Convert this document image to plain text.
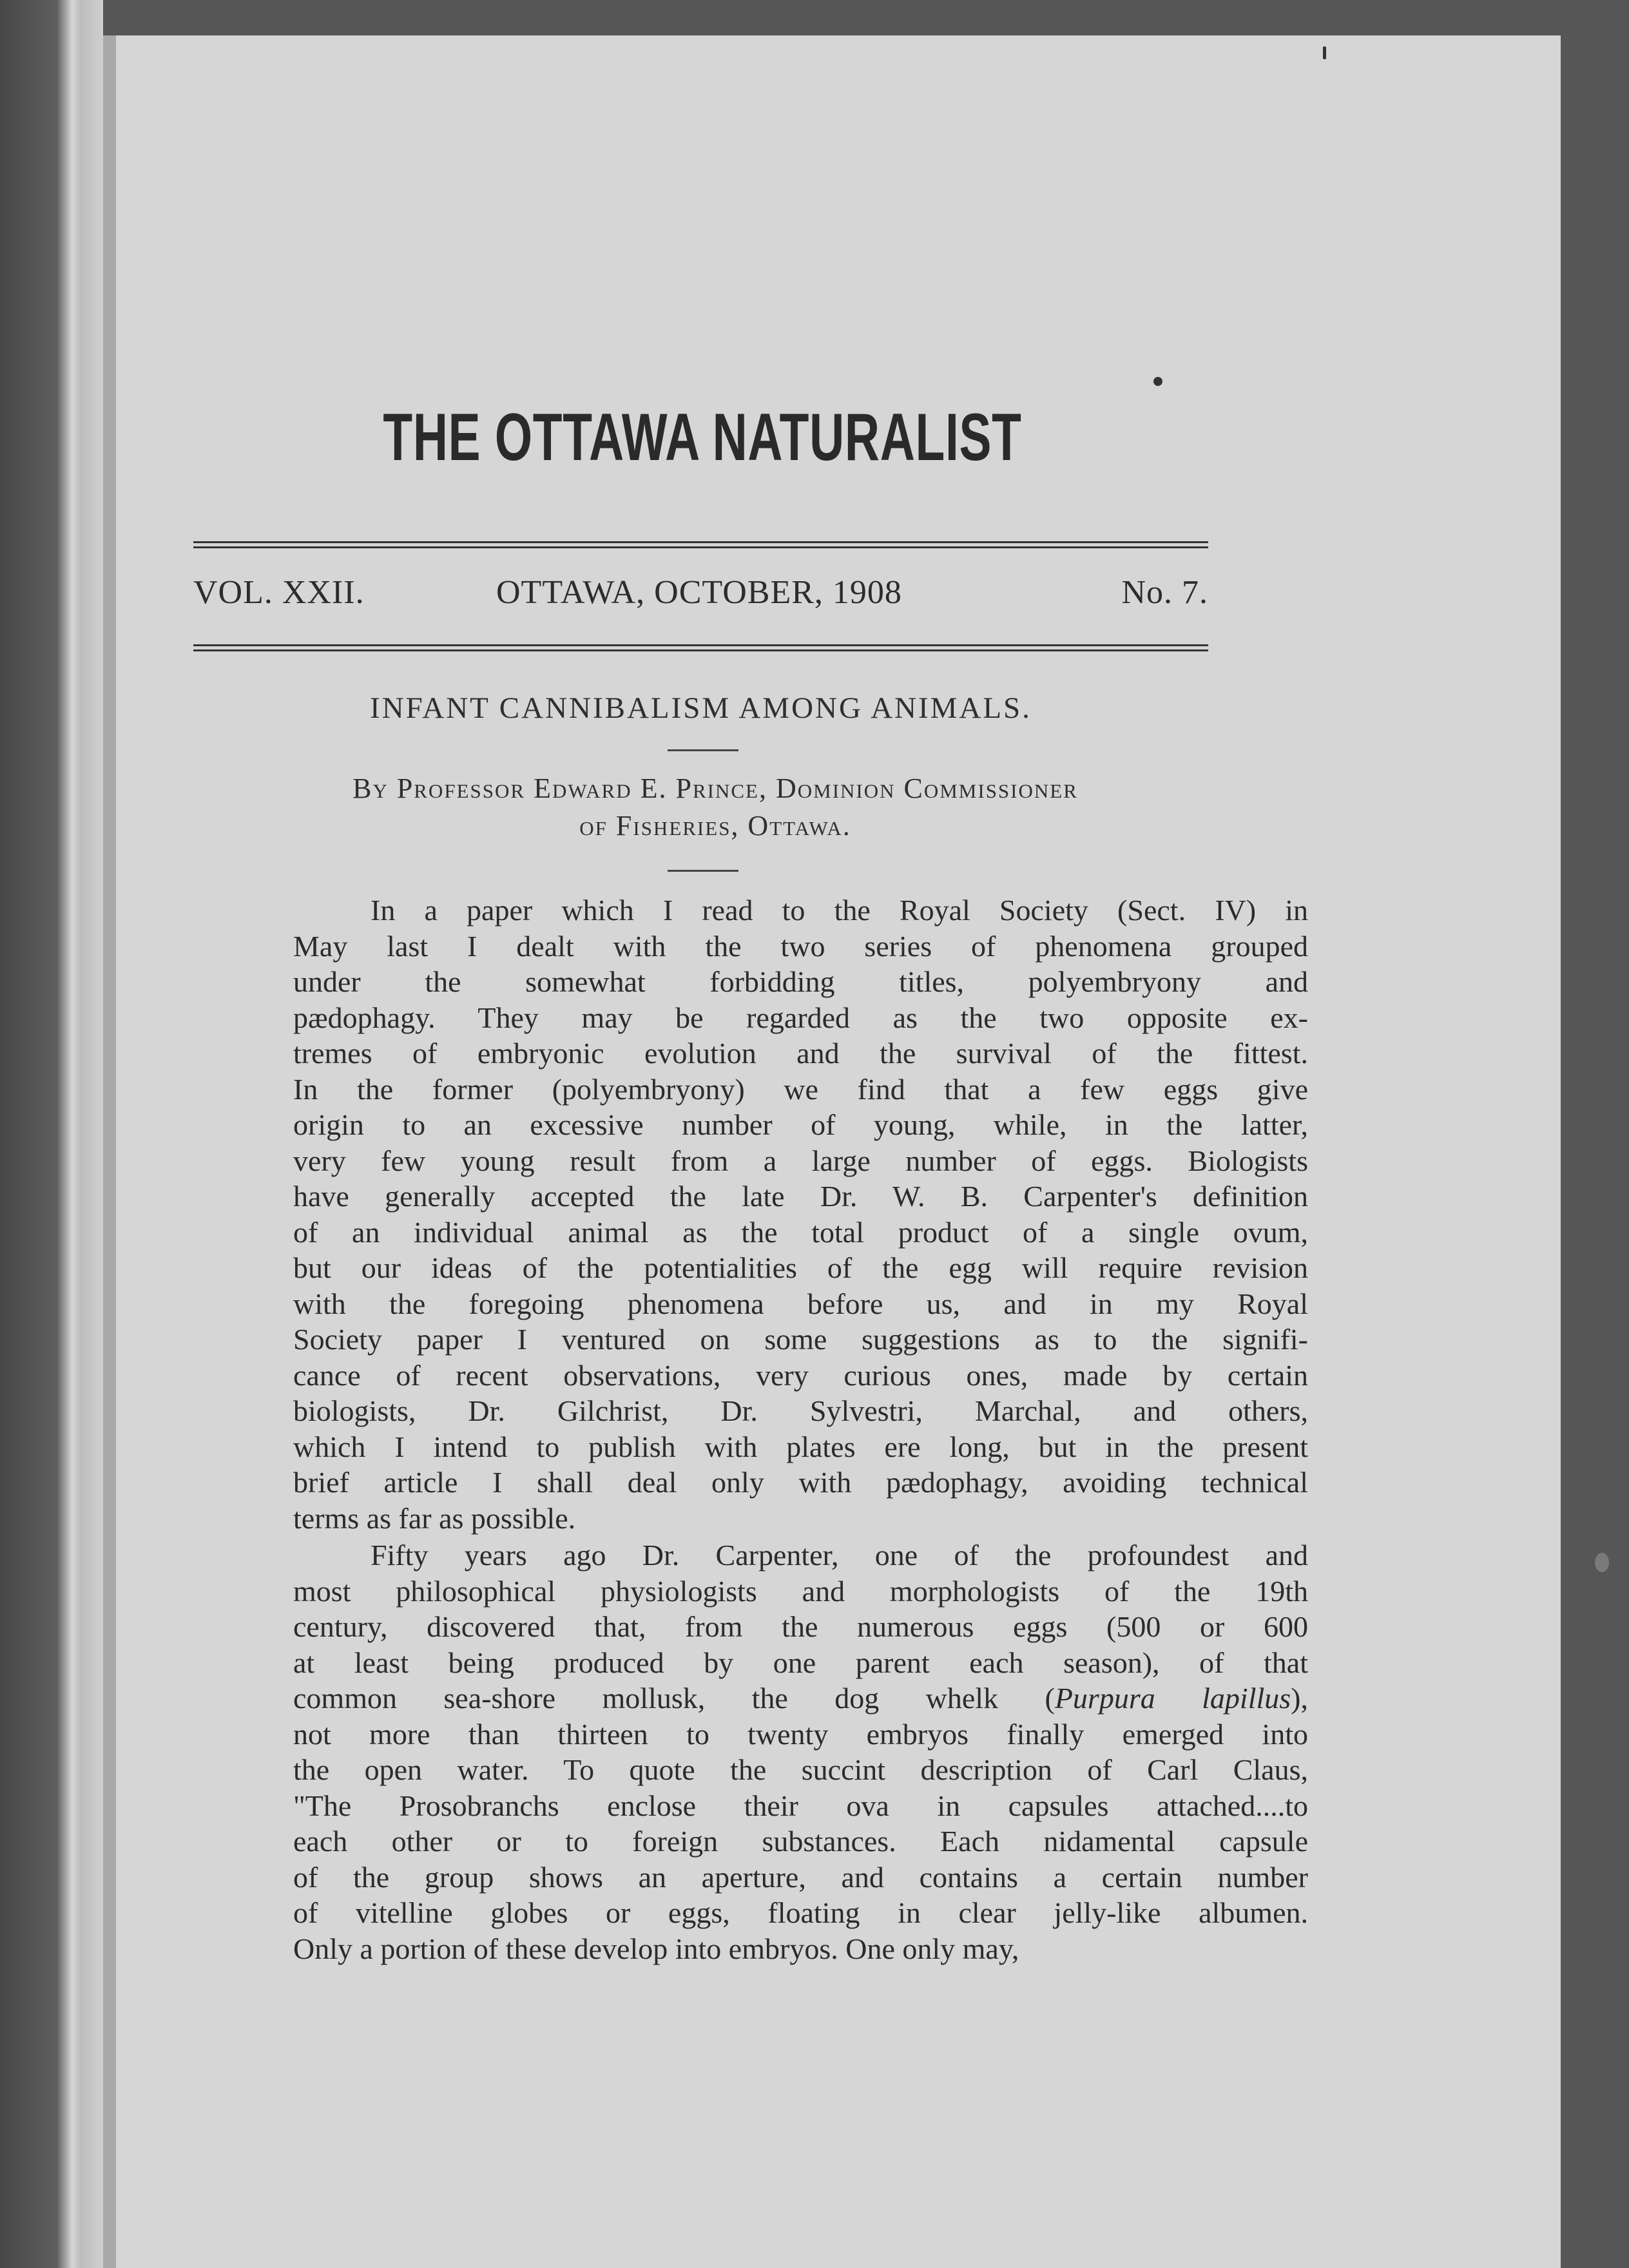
THE OTTAWA NATURALIST
VOL. XXII.	OTTAWA, OCTOBER, 1908	No. 7.
INFANT CANNIBALISM AMONG ANIMALS.
By Professor Edward E. Prince, Dominion Commissioner
of Fisheries, Ottawa.
In a paper which I read to the Royal Society (Sect. IV) in
May last I dealt with the two series of phenomena grouped
under the somewhat forbidding titles, polyembryony and
pædophagy. They may be regarded as the two opposite ex-
tremes of embryonic evolution and the survival of the fittest.
In the former (polyembryony) we find that a few eggs give
origin to an excessive number of young, while, in the latter,
very few young result from a large number of eggs. Biologists
have generally accepted the late Dr. W. B. Carpenter's definition
of an individual animal as the total product of a single ovum,
but our ideas of the potentialities of the egg will require revision
with the foregoing phenomena before us, and in my Royal
Society paper I ventured on some suggestions as to the signifi-
cance of recent observations, very curious ones, made by certain
biologists, Dr. Gilchrist, Dr. Sylvestri, Marchal, and others,
which I intend to publish with plates ere long, but in the present
brief article I shall deal only with pædophagy, avoiding technical
terms as far as possible.
Fifty years ago Dr. Carpenter, one of the profoundest and
most philosophical physiologists and morphologists of the 19th
century, discovered that, from the numerous eggs (500 or 600
at least being produced by one parent each season), of that
common sea-shore mollusk, the dog whelk (Purpura lapillus),
not more than thirteen to twenty embryos finally emerged into
the open water. To quote the succint description of Carl Claus,
"The Prosobranchs enclose their ova in capsules attached....to
each other or to foreign substances. Each nidamental capsule
of the group shows an aperture, and contains a certain number
of vitelline globes or eggs, floating in clear jelly-like albumen.
Only a portion of these develop into embryos. One only may,
